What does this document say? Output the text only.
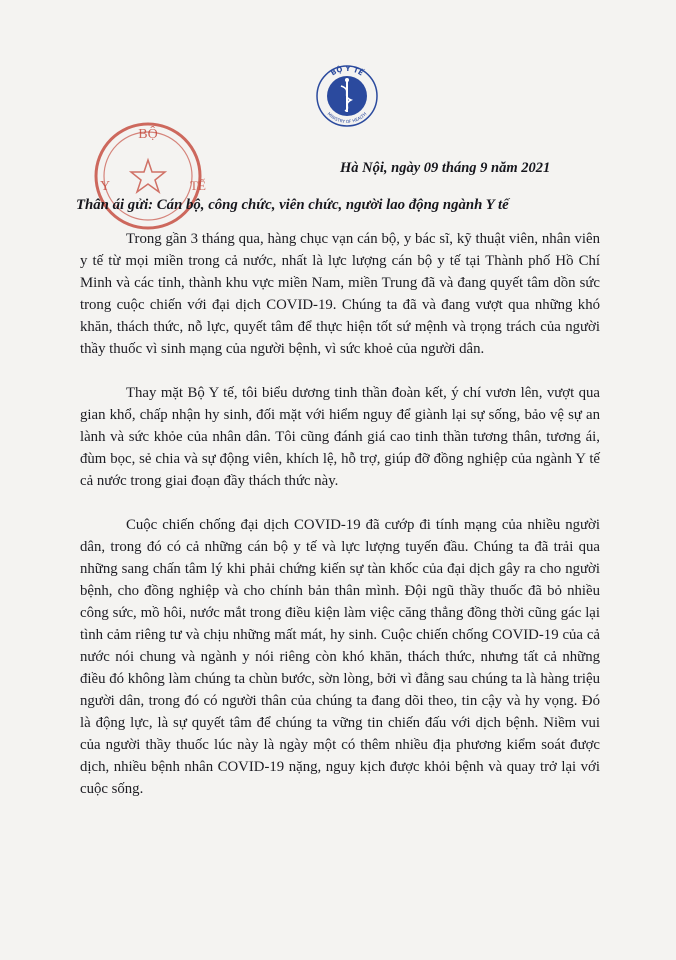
BỘ Y TẾ
MINISTRY OF HEALTH
BỘ
Y	TẾ
Hà Nội, ngày 09 tháng 9 năm 2021
Thân ái gửi: Cán bộ, công chức, viên chức, người lao động ngành Y tế

Trong gần 3 tháng qua, hàng chục vạn cán bộ, y bác sĩ, kỹ thuật viên, nhân viên y tế từ mọi miền trong cả nước, nhất là lực lượng cán bộ y tế tại Thành phố Hồ Chí Minh và các tỉnh, thành khu vực miền Nam, miền Trung đã và đang quyết tâm dồn sức trong cuộc chiến với đại dịch COVID-19. Chúng ta đã và đang vượt qua những khó khăn, thách thức, nỗ lực, quyết tâm để thực hiện tốt sứ mệnh và trọng trách của người thầy thuốc vì sinh mạng của người bệnh, vì sức khoẻ của người dân.

Thay mặt Bộ Y tế, tôi biểu dương tinh thần đoàn kết, ý chí vươn lên, vượt qua gian khổ, chấp nhận hy sinh, đối mặt với hiểm nguy để giành lại sự sống, bảo vệ sự an lành và sức khỏe của nhân dân. Tôi cũng đánh giá cao tinh thần tương thân, tương ái, đùm bọc, sẻ chia và sự động viên, khích lệ, hỗ trợ, giúp đỡ đồng nghiệp của ngành Y tế cả nước trong giai đoạn đầy thách thức này.

Cuộc chiến chống đại dịch COVID-19 đã cướp đi tính mạng của nhiều người dân, trong đó có cả những cán bộ y tế và lực lượng tuyến đầu. Chúng ta đã trải qua những sang chấn tâm lý khi phải chứng kiến sự tàn khốc của đại dịch gây ra cho người bệnh, cho đồng nghiệp và cho chính bản thân mình. Đội ngũ thầy thuốc đã bỏ nhiều công sức, mồ hôi, nước mắt trong điều kiện làm việc căng thẳng đồng thời cũng gác lại tình cảm riêng tư và chịu những mất mát, hy sinh. Cuộc chiến chống COVID-19 của cả nước nói chung và ngành y nói riêng còn khó khăn, thách thức, nhưng tất cả những điều đó không làm chúng ta chùn bước, sờn lòng, bởi vì đằng sau chúng ta là hàng triệu người dân, trong đó có người thân của chúng ta đang dõi theo, tin cậy và hy vọng. Đó là động lực, là sự quyết tâm để chúng ta vững tin chiến đấu với dịch bệnh. Niềm vui của người thầy thuốc lúc này là ngày một có thêm nhiều địa phương kiểm soát được dịch, nhiều bệnh nhân COVID-19 nặng, nguy kịch được khỏi bệnh và quay trở lại với cuộc sống.
